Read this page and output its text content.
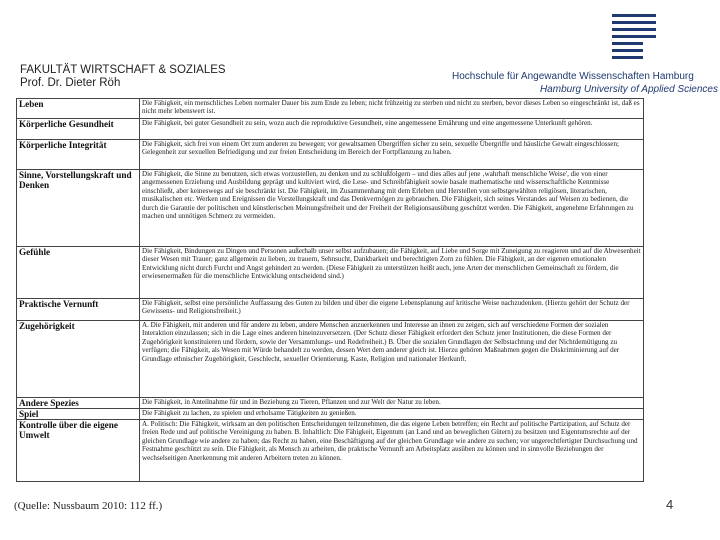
FAKULTÄT WIRTSCHAFT & SOZIALES
Prof. Dr. Dieter Röh
Hochschule für Angewandte Wissenschaften Hamburg
Hamburg University of Applied Sciences
Leben	Die Fähigkeit, ein menschliches Leben normaler Dauer bis zum Ende zu leben; nicht frühzeitig zu sterben und nicht zu sterben, bevor dieses Leben so eingeschränkt ist, daß es nicht mehr lebenswert ist.
Körperliche Gesundheit	Die Fähigkeit, bei guter Gesundheit zu sein, wozu auch die reproduktive Gesundheit, eine angemessene Ernährung und eine angemessene Unterkunft gehören.
Körperliche Integrität	Die Fähigkeit, sich frei von einem Ort zum anderen zu bewegen; vor gewaltsamen Übergriffen sicher zu sein, sexuelle Übergriffe und häusliche Gewalt eingeschlossen; Gelegenheit zur sexuellen Befriedigung und zur freien Entscheidung im Bereich der Fortpflanzung zu haben.
Sinne, Vorstellungskraft und Denken	Die Fähigkeit, die Sinne zu benutzen, sich etwas vorzustellen, zu denken und zu schlußfolgern – und dies alles auf jene ‚wahrhaft menschliche Weise', die von einer angemessenen Erziehung und Ausbildung geprägt und kultiviert wird, die Lese- und Schreibfähigkeit sowie basale mathematische und wissenschaftliche Kenntnisse einschließt, aber keineswegs auf sie beschränkt ist. Die Fähigkeit, im Zusammenhang mit dem Erleben und Herstellen von selbstgewählten religiösen, literarischen, musikalischen etc. Werken und Ereignissen die Vorstellungskraft und das Denkvermögen zu gebrauchen. Die Fähigkeit, sich seines Verstandes auf Weisen zu bedienen, die durch die Garantie der politischen und künstlerischen Meinungsfreiheit und der Freiheit der Religionsausübung geschützt werden. Die Fähigkeit, angenehme Erfahrungen zu machen und unnötigen Schmerz zu vermeiden.
Gefühle	Die Fähigkeit, Bindungen zu Dingen und Personen außerhalb unser selbst aufzubauen; die Fähigkeit, auf Liebe und Sorge mit Zuneigung zu reagieren und auf die Abwesenheit dieser Wesen mit Trauer; ganz allgemein zu lieben, zu trauern, Sehnsucht, Dankbarkeit und berechtigten Zorn zu fühlen. Die Fähigkeit, an der eigenen emotionalen Entwicklung nicht durch Furcht und Angst gehindert zu werden. (Diese Fähigkeit zu unterstützen heißt auch, jene Arten der menschlichen Gemeinschaft zu fördern, die erwiesenermaßen für die menschliche Entwicklung entscheidend sind.)
Praktische Vernunft	Die Fähigkeit, selbst eine persönliche Auffassung des Guten zu bilden und über die eigene Lebensplanung auf kritische Weise nachzudenken. (Hierzu gehört der Schutz der Gewissens- und Religionsfreiheit.)
Zugehörigkeit	A. Die Fähigkeit, mit anderen und für andere zu leben, andere Menschen anzuerkennen und Interesse an ihnen zu zeigen, sich auf verschiedene Formen der sozialen Interaktion einzulassen; sich in die Lage eines anderen hineinzuversetzen. (Der Schutz dieser Fähigkeit erfordert den Schutz jener Institutionen, die diese Formen der Zugehörigkeit konstituieren und fördern, sowie der Versammlungs- und Redefreiheit.) B. Über die sozialen Grundlagen der Selbstachtung und der Nichtdemütigung zu verfügen; die Fähigkeit, als Wesen mit Würde behandelt zu werden, dessen Wert dem anderer gleich ist. Hierzu gehören Maßnahmen gegen die Diskriminierung auf der Grundlage ethnischer Zugehörigkeit, Geschlecht, sexueller Orientierung, Kaste, Religion und nationaler Herkunft.
Andere Spezies	Die Fähigkeit, in Anteilnahme für und in Beziehung zu Tieren, Pflanzen und zur Welt der Natur zu leben.
Spiel	Die Fähigkeit zu lachen, zu spielen und erholsame Tätigkeiten zu genießen.
Kontrolle über die eigene Umwelt	A. Politisch: Die Fähigkeit, wirksam an den politischen Entscheidungen teilzunehmen, die das eigene Leben betreffen; ein Recht auf politische Partizipation, auf Schutz der freien Rede und auf politische Vereinigung zu haben. B. Inhaltlich: Die Fähigkeit, Eigentum (an Land und an beweglichen Gütern) zu besitzen und Eigentumsrechte auf der gleichen Grundlage wie andere zu haben; das Recht zu haben, eine Beschäftigung auf der gleichen Grundlage wie andere zu suchen; vor ungerechtfertigter Durchsuchung und Festnahme geschützt zu sein. Die Fähigkeit, als Mensch zu arbeiten, die praktische Vernunft am Arbeitsplatz ausüben zu können und in sinnvolle Beziehungen der wechselseitigen Anerkennung mit anderen Arbeitern treten zu können.
(Quelle: Nussbaum 2010: 112 ff.)	4
